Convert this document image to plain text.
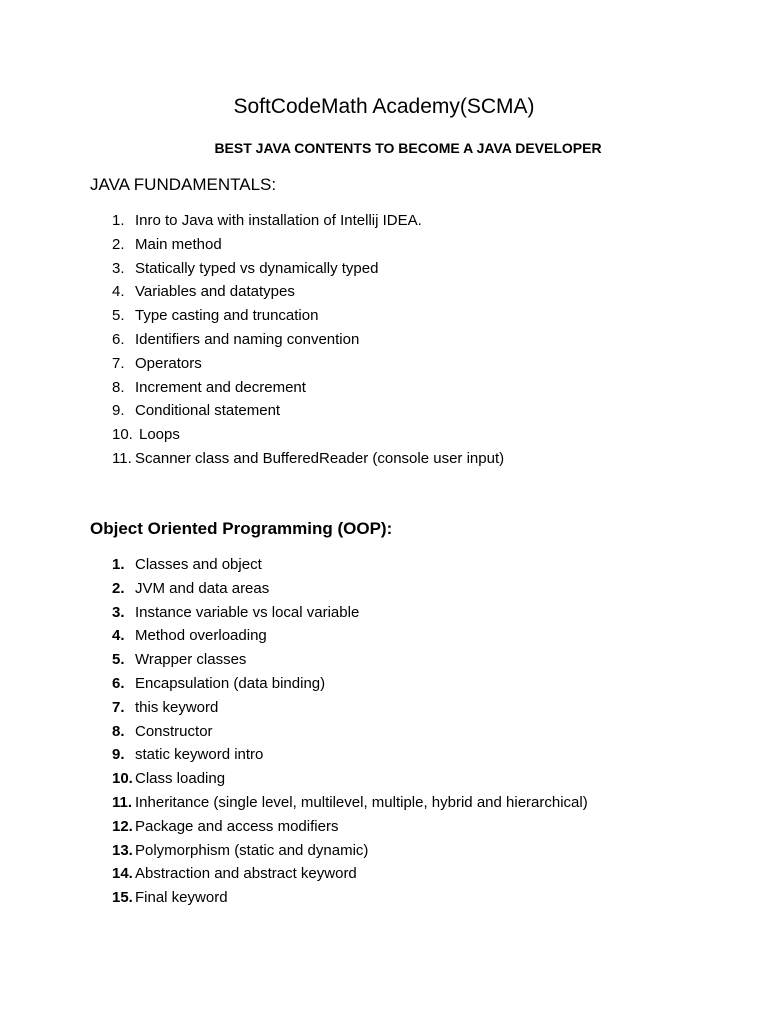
SoftCodeMath Academy(SCMA)
BEST JAVA CONTENTS TO BECOME A JAVA DEVELOPER
JAVA FUNDAMENTALS:
1. Inro to Java with installation of Intellij IDEA.
2. Main method
3. Statically typed vs dynamically typed
4. Variables and datatypes
5. Type casting and truncation
6. Identifiers and naming convention
7. Operators
8. Increment and decrement
9. Conditional statement
10. Loops
11. Scanner class and BufferedReader (console user input)
Object Oriented Programming (OOP):
1. Classes and object
2. JVM and data areas
3. Instance variable vs local variable
4. Method overloading
5. Wrapper classes
6. Encapsulation (data binding)
7. this keyword
8. Constructor
9. static keyword intro
10. Class loading
11. Inheritance (single level, multilevel, multiple, hybrid and hierarchical)
12. Package and access modifiers
13. Polymorphism (static and dynamic)
14. Abstraction and abstract keyword
15. Final keyword
